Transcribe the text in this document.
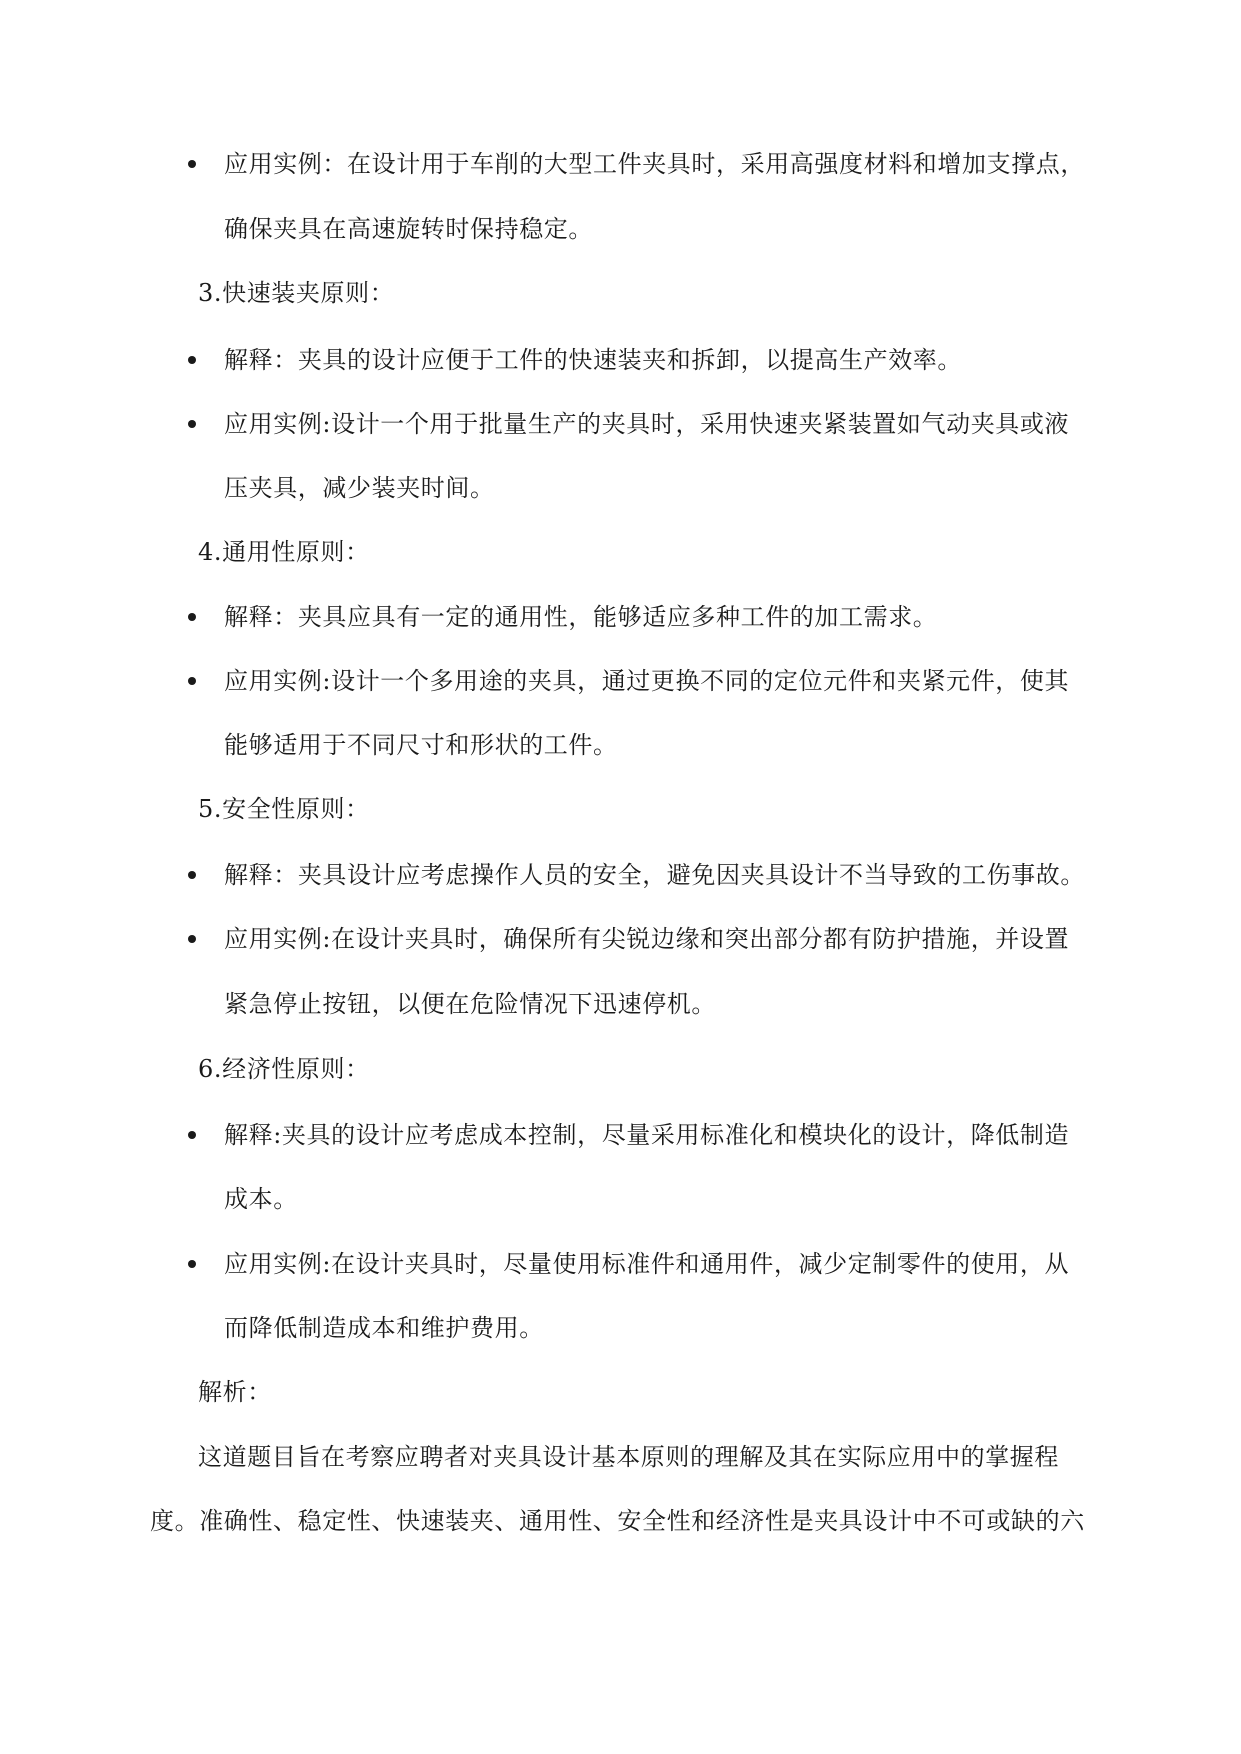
应用实例：在设计用于车削的大型工件夹具时，采用高强度材料和增加支撑点，
确保夹具在高速旋转时保持稳定。
3.快速装夹原则：
解释：夹具的设计应便于工件的快速装夹和拆卸，以提高生产效率。
应用实例:设计一个用于批量生产的夹具时，采用快速夹紧装置如气动夹具或液
压夹具，减少装夹时间。
4.通用性原则：
解释：夹具应具有一定的通用性，能够适应多种工件的加工需求。
应用实例:设计一个多用途的夹具，通过更换不同的定位元件和夹紧元件，使其
能够适用于不同尺寸和形状的工件。
5.安全性原则：
解释：夹具设计应考虑操作人员的安全，避免因夹具设计不当导致的工伤事故。
应用实例:在设计夹具时，确保所有尖锐边缘和突出部分都有防护措施，并设置
紧急停止按钮，以便在危险情况下迅速停机。
6.经济性原则：
解释:夹具的设计应考虑成本控制，尽量采用标准化和模块化的设计，降低制造
成本。
应用实例:在设计夹具时，尽量使用标准件和通用件，减少定制零件的使用，从
而降低制造成本和维护费用。
解析：
这道题目旨在考察应聘者对夹具设计基本原则的理解及其在实际应用中的掌握程
度。准确性、稳定性、快速装夹、通用性、安全性和经济性是夹具设计中不可或缺的六
